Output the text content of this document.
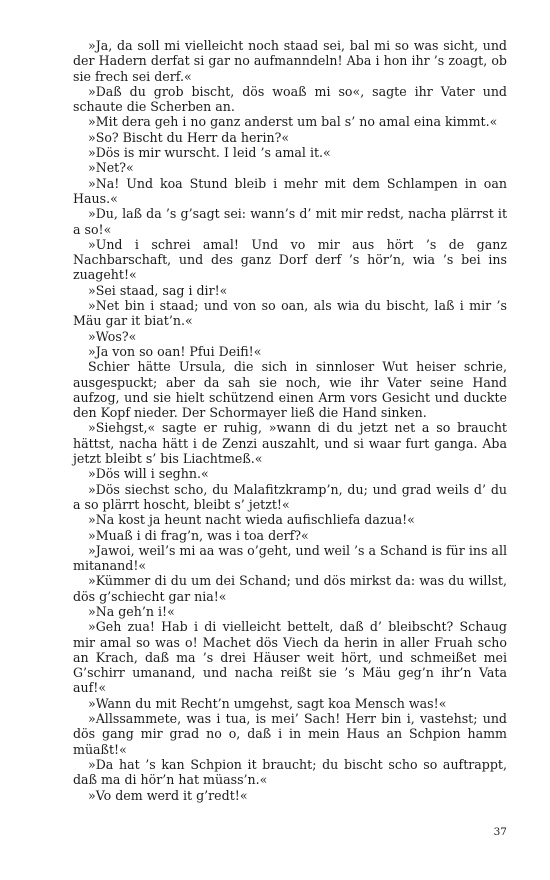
»Ja, da soll mi vielleicht noch staad sei, bal mi so was sicht, und der Hadern derfat si gar no aufmanndeln! Aba i hon ihr ’s zoagt, ob sie frech sei derf.«

»Daß du grob bischt, dös woaß mi so«, sagte ihr Vater und schaute die Scherben an.

»Mit dera geh i no ganz anderst um bal s’ no amal eina kimmt.«

»So? Bischt du Herr da herin?«

»Dös is mir wurscht. I leid ’s amal it.«

»Net?«

»Na! Und koa Stund bleib i mehr mit dem Schlampen in oan Haus.«

»Du, laß da ’s g’sagt sei: wann’s d’ mit mir redst, nacha plärrst it a so!«

»Und i schrei amal! Und vo mir aus hört ’s de ganz Nachbarschaft, und des ganz Dorf derf ’s hör’n, wia ’s bei ins zuageht!«

»Sei staad, sag i dir!«

»Net bin i staad; und von so oan, als wia du bischt, laß i mir ’s Mäu gar it biat’n.«

»Wos?«

»Ja von so oan! Pfui Deifi!«

Schier hätte Ursula, die sich in sinnloser Wut heiser schrie, ausgespuckt; aber da sah sie noch, wie ihr Vater seine Hand aufzog, und sie hielt schützend einen Arm vors Gesicht und duckte den Kopf nieder. Der Schormayer ließ die Hand sinken.

»Siehgst,« sagte er ruhig, »wann di du jetzt net a so braucht hättst, nacha hätt i de Zenzi auszahlt, und si waar furt ganga. Aba jetzt bleibt s’ bis Liachtmeß.«

»Dös will i seghn.«

»Dös siechst scho, du Malafitzkramp’n, du; und grad weils d’ du a so plärrt hoscht, bleibt s’ jetzt!«

»Na kost ja heunt nacht wieda aufischliefa dazua!«

»Muaß i di frag’n, was i toa derf?«

»Jawoi, weil’s mi aa was o’geht, und weil ’s a Schand is für ins all mitanand!«

»Kümmer di du um dei Schand; und dös mirkst da: was du willst, dös g’schiecht gar nia!«

»Na geh’n i!«

»Geh zua! Hab i di vielleicht bettelt, daß d’ bleibscht? Schaug mir amal so was o! Machet dös Viech da herin in aller Fruah scho an Krach, daß ma ’s drei Häuser weit hört, und schmeißet mei G’schirr umanand, und nacha reißt sie ’s Mäu geg’n ihr’n Vata auf!«

»Wann du mit Recht’n umgehst, sagt koa Mensch was!«

»Allssammete, was i tua, is mei’ Sach! Herr bin i, vastehst; und dös gang mir grad no o, daß i in mein Haus an Schpion hamm müaßt!«

»Da hat ’s kan Schpion it braucht; du bischt scho so auftrappt, daß ma di hör’n hat müass’n.«

»Vo dem werd it g’redt!«

37
